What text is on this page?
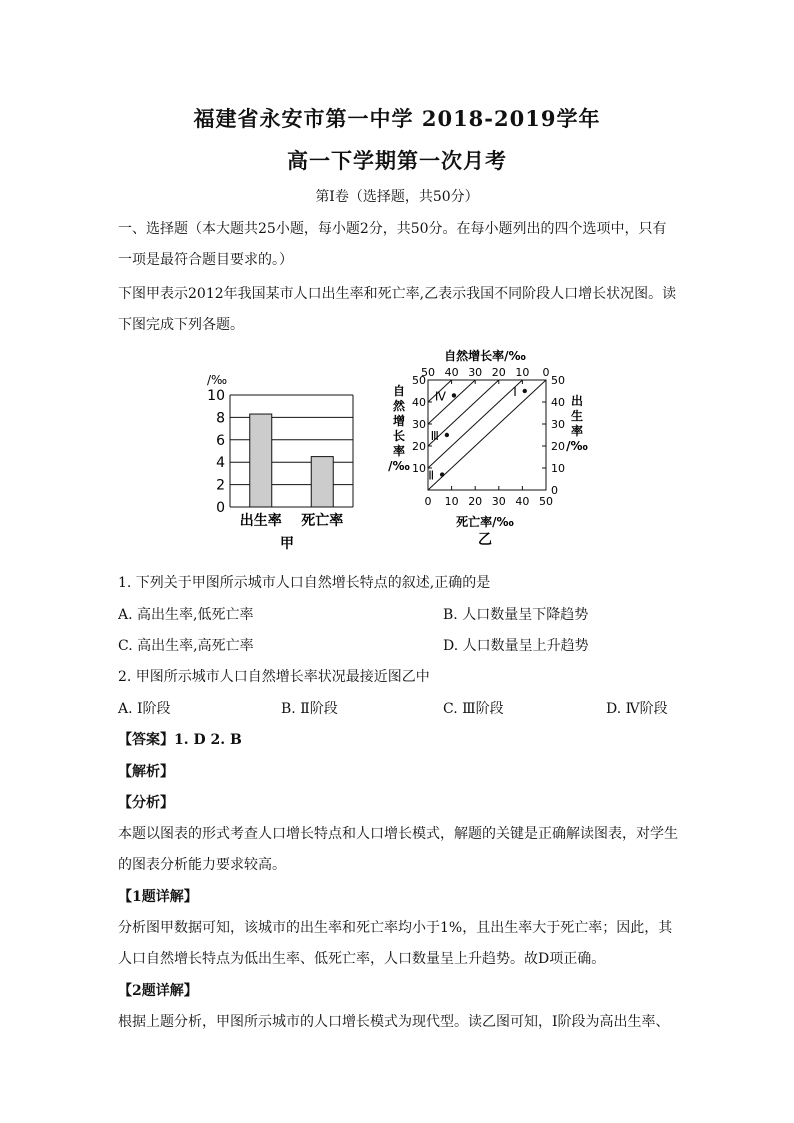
福建省永安市第一中学 2018-2019学年
高一下学期第一次月考
第Ⅰ卷（选择题，共50分）
一、选择题（本大题共25小题，每小题2分，共50分。在每小题列出的四个选项中，只有
一项是最符合题目要求的。）
下图甲表示2012年我国某市人口出生率和死亡率,乙表示我国不同阶段人口增长状况图。读
下图完成下列各题。
/‰
0
2
4
6
8
10
出生率 死亡率
甲
自然增长率/‰
50 40 30 20 10 0
Ⅰ
Ⅱ
Ⅲ
Ⅳ
0 10 20 30 40 50
0
10
20
30
40
50
10
20
30
40
50
自
然
增
长
率
/‰
出
生
率
/‰
死亡率/‰
乙
1. 下列关于甲图所示城市人口自然增长特点的叙述,正确的是
A. 高出生率,低死亡率	B. 人口数量呈下降趋势
C. 高出生率,高死亡率	D. 人口数量呈上升趋势
2. 甲图所示城市人口自然增长率状况最接近图乙中
A. Ⅰ阶段	B. Ⅱ阶段	C. Ⅲ阶段	D. Ⅳ阶段
【答案】1. D 2. B
【解析】
【分析】
本题以图表的形式考查人口增长特点和人口增长模式，解题的关键是正确解读图表，对学生
的图表分析能力要求较高。
【1题详解】
分析图甲数据可知，该城市的出生率和死亡率均小于1%，且出生率大于死亡率；因此，其
人口自然增长特点为低出生率、低死亡率，人口数量呈上升趋势。故D项正确。
【2题详解】
根据上题分析，甲图所示城市的人口增长模式为现代型。读乙图可知，Ⅰ阶段为高出生率、
